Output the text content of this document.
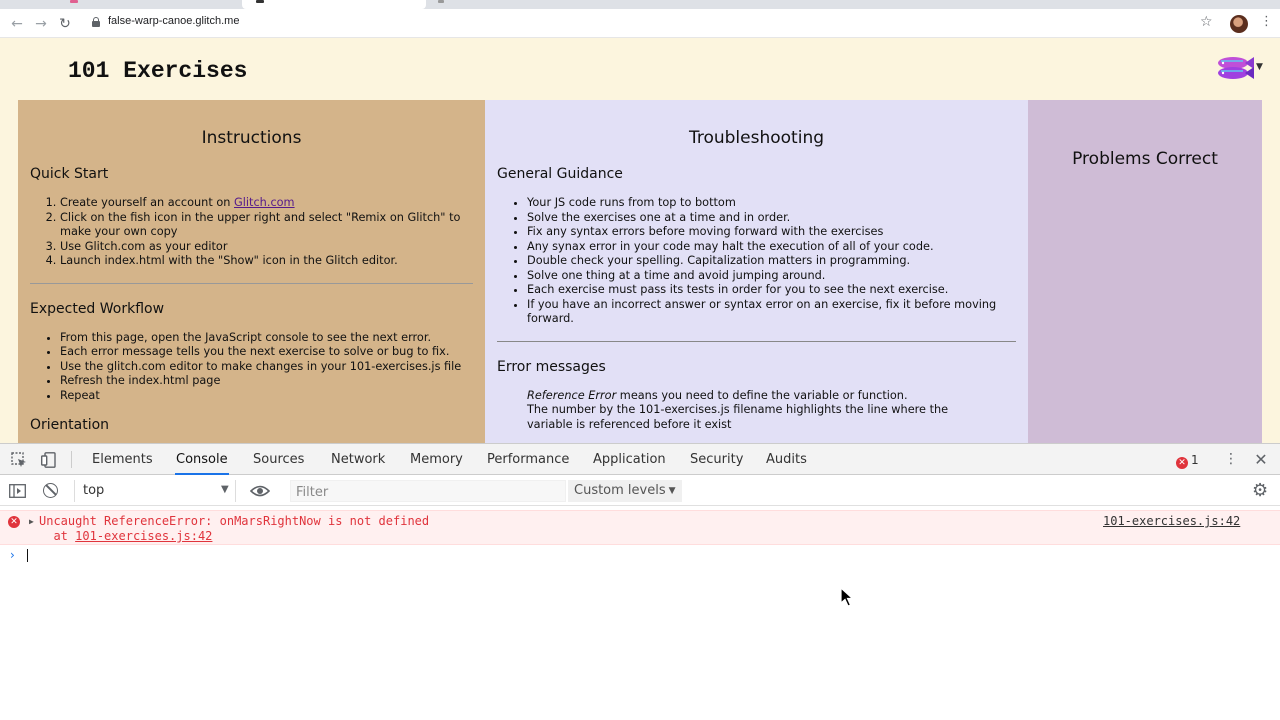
← → ↻	false-warp-canoe.glitch.me	☆	⋮
101 Exercises	▼
Instructions
Quick Start
1. Create yourself an account on Glitch.com
2. Click on the fish icon in the upper right and select "Remix on Glitch" to make your own copy
3. Use Glitch.com as your editor
4. Launch index.html with the "Show" icon in the Glitch editor.
Expected Workflow
• From this page, open the JavaScript console to see the next error.
• Each error message tells you the next exercise to solve or bug to fix.
• Use the glitch.com editor to make changes in your 101-exercises.js file
• Refresh the index.html page
• Repeat
Orientation
Troubleshooting
General Guidance
• Your JS code runs from top to bottom
• Solve the exercises one at a time and in order.
• Fix any syntax errors before moving forward with the exercises
• Any synax error in your code may halt the execution of all of your code.
• Double check your spelling. Capitalization matters in programming.
• Solve one thing at a time and avoid jumping around.
• Each exercise must pass its tests in order for you to see the next exercise.
• If you have an incorrect answer or syntax error on an exercise, fix it before moving forward.
Error messages
Reference Error means you need to define the variable or function.
The number by the 101-exercises.js filename highlights the line where the variable is referenced before it exist
Problems Correct
Elements Console Sources Network Memory Performance Application Security Audits	✕ 1 ⋮ ✕
top	▼
Filter	Custom levels ▼	⚙
✕ ▶ Uncaught ReferenceError: onMarsRightNow is not defined
at 101-exercises.js:42
101-exercises.js:42
›
